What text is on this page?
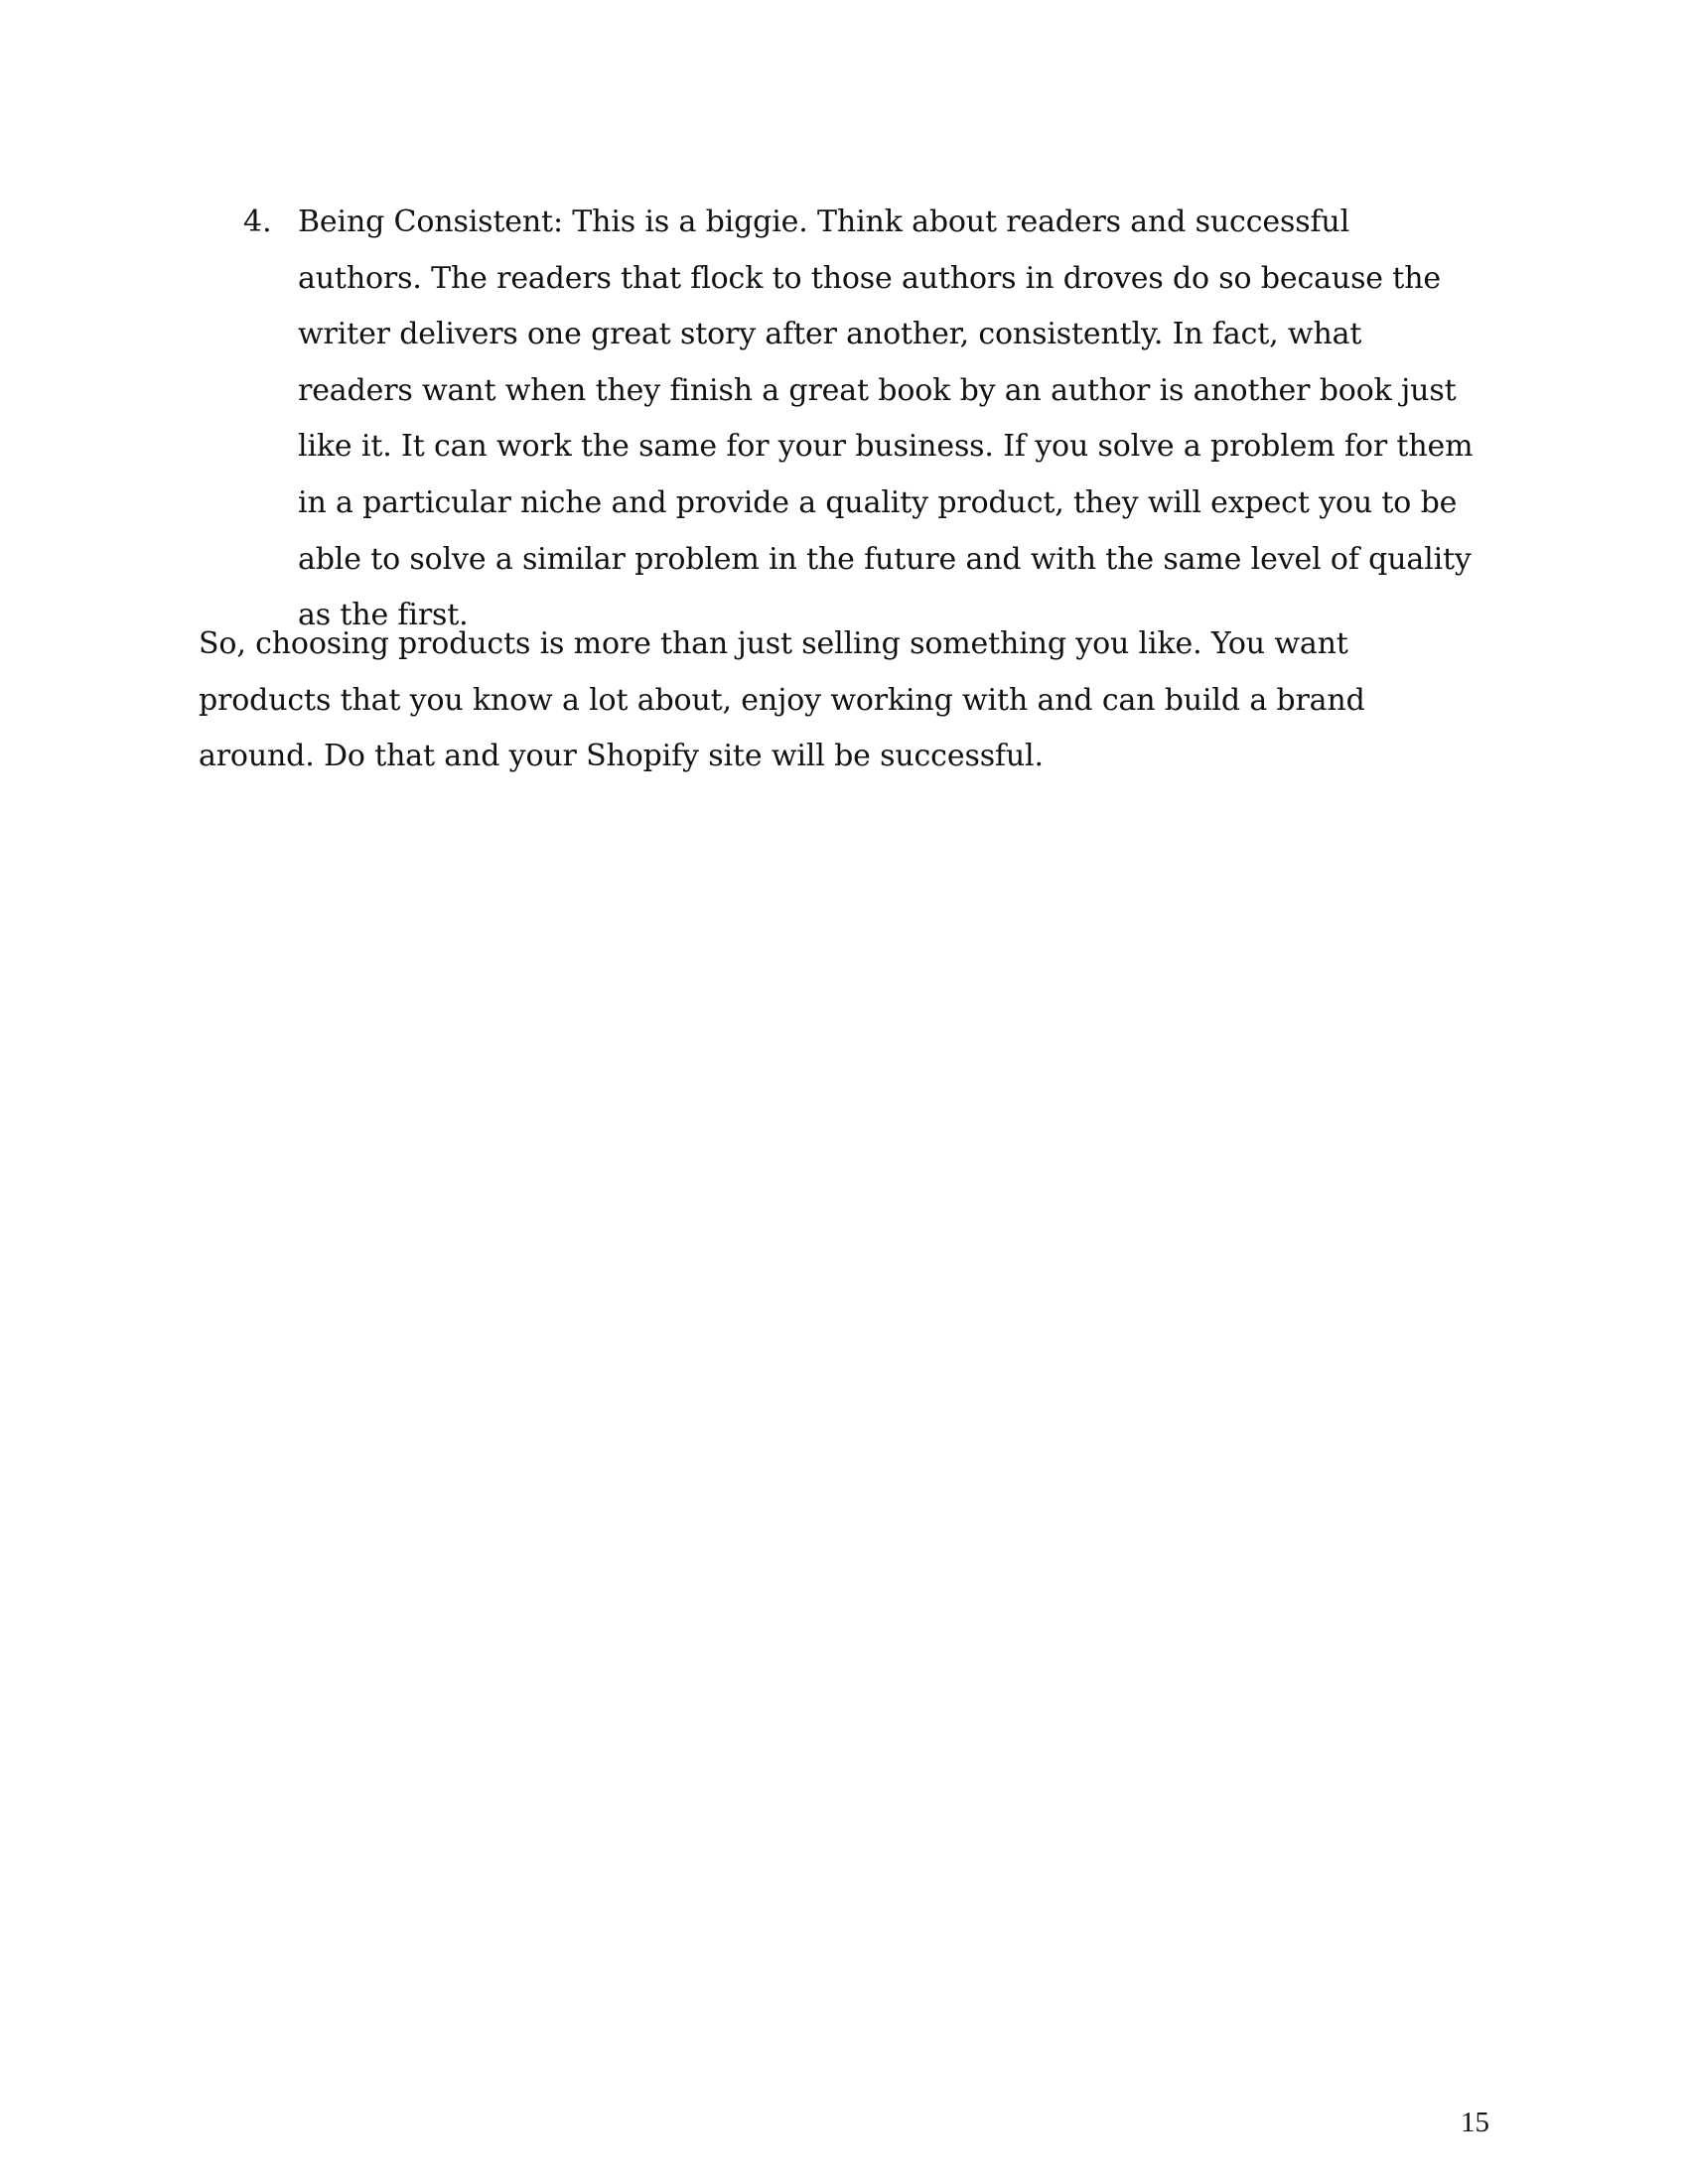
4. Being Consistent: This is a biggie. Think about readers and successful authors. The readers that flock to those authors in droves do so because the writer delivers one great story after another, consistently. In fact, what readers want when they finish a great book by an author is another book just like it. It can work the same for your business. If you solve a problem for them in a particular niche and provide a quality product, they will expect you to be able to solve a similar problem in the future and with the same level of quality as the first.

So, choosing products is more than just selling something you like. You want products that you know a lot about, enjoy working with and can build a brand around. Do that and your Shopify site will be successful.

15
